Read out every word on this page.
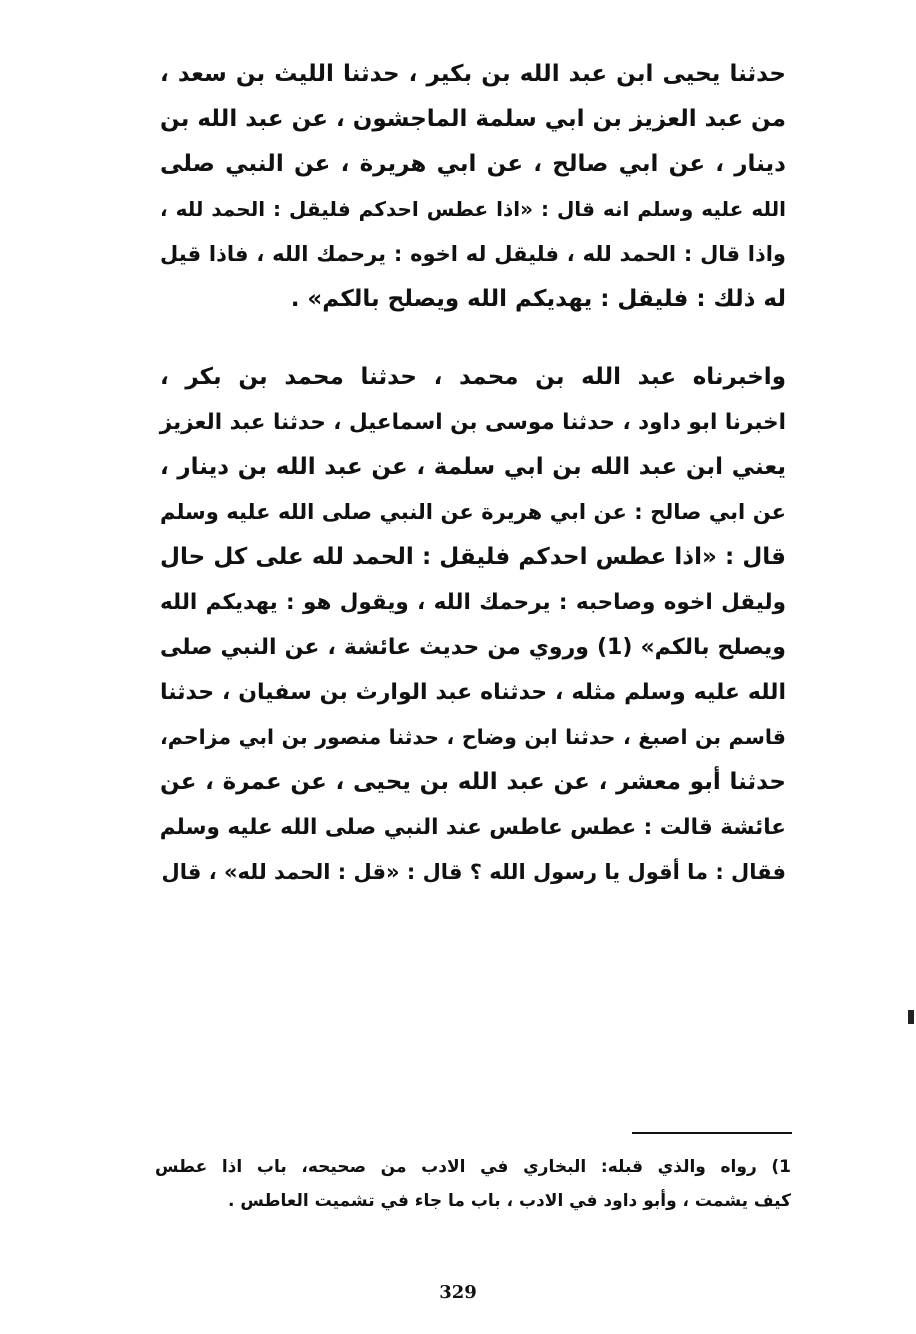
حدثنا يحيى ابن عبد الله بن بكير ، حدثنا الليث بن سعد ،
من عبد العزيز بن ابي سلمة الماجشون ، عن عبد الله بن
دينار ، عن ابي صالح ، عن ابي هريرة ، عن النبي صلى
الله عليه وسلم انه قال : «اذا عطس احدكم فليقل : الحمد لله ،
واذا قال : الحمد لله ، فليقل له اخوه : يرحمك الله ، فاذا قيل
له ذلك : فليقل : يهديكم الله ويصلح بالكم» .
واخبرناه عبد الله بن محمد ، حدثنا محمد بن بكر ،
اخبرنا ابو داود ، حدثنا موسى بن اسماعيل ، حدثنا عبد العزيز
يعني ابن عبد الله بن ابي سلمة ، عن عبد الله بن دينار ،
عن ابي صالح : عن ابي هريرة عن النبي صلى الله عليه وسلم
قال : «اذا عطس احدكم فليقل : الحمد لله على كل حال
وليقل اخوه وصاحبه : يرحمك الله ، ويقول هو : يهديكم الله
ويصلح بالكم» (1) وروي من حديث عائشة ، عن النبي صلى
الله عليه وسلم مثله ، حدثناه عبد الوارث بن سفيان ، حدثنا
قاسم بن اصبغ ، حدثنا ابن وضاح ، حدثنا منصور بن ابي مزاحم،
حدثنا أبو معشر ، عن عبد الله بن يحيى ، عن عمرة ، عن
عائشة قالت : عطس عاطس عند النبي صلى الله عليه وسلم
فقال : ما أقول يا رسول الله ؟ قال : «قل : الحمد لله» ، قال
1) رواه والذي قبله: البخاري في الادب من صحيحه، باب اذا عطس
كيف يشمت ، وأبو داود في الادب ، باب ما جاء في تشميت العاطس .
329
